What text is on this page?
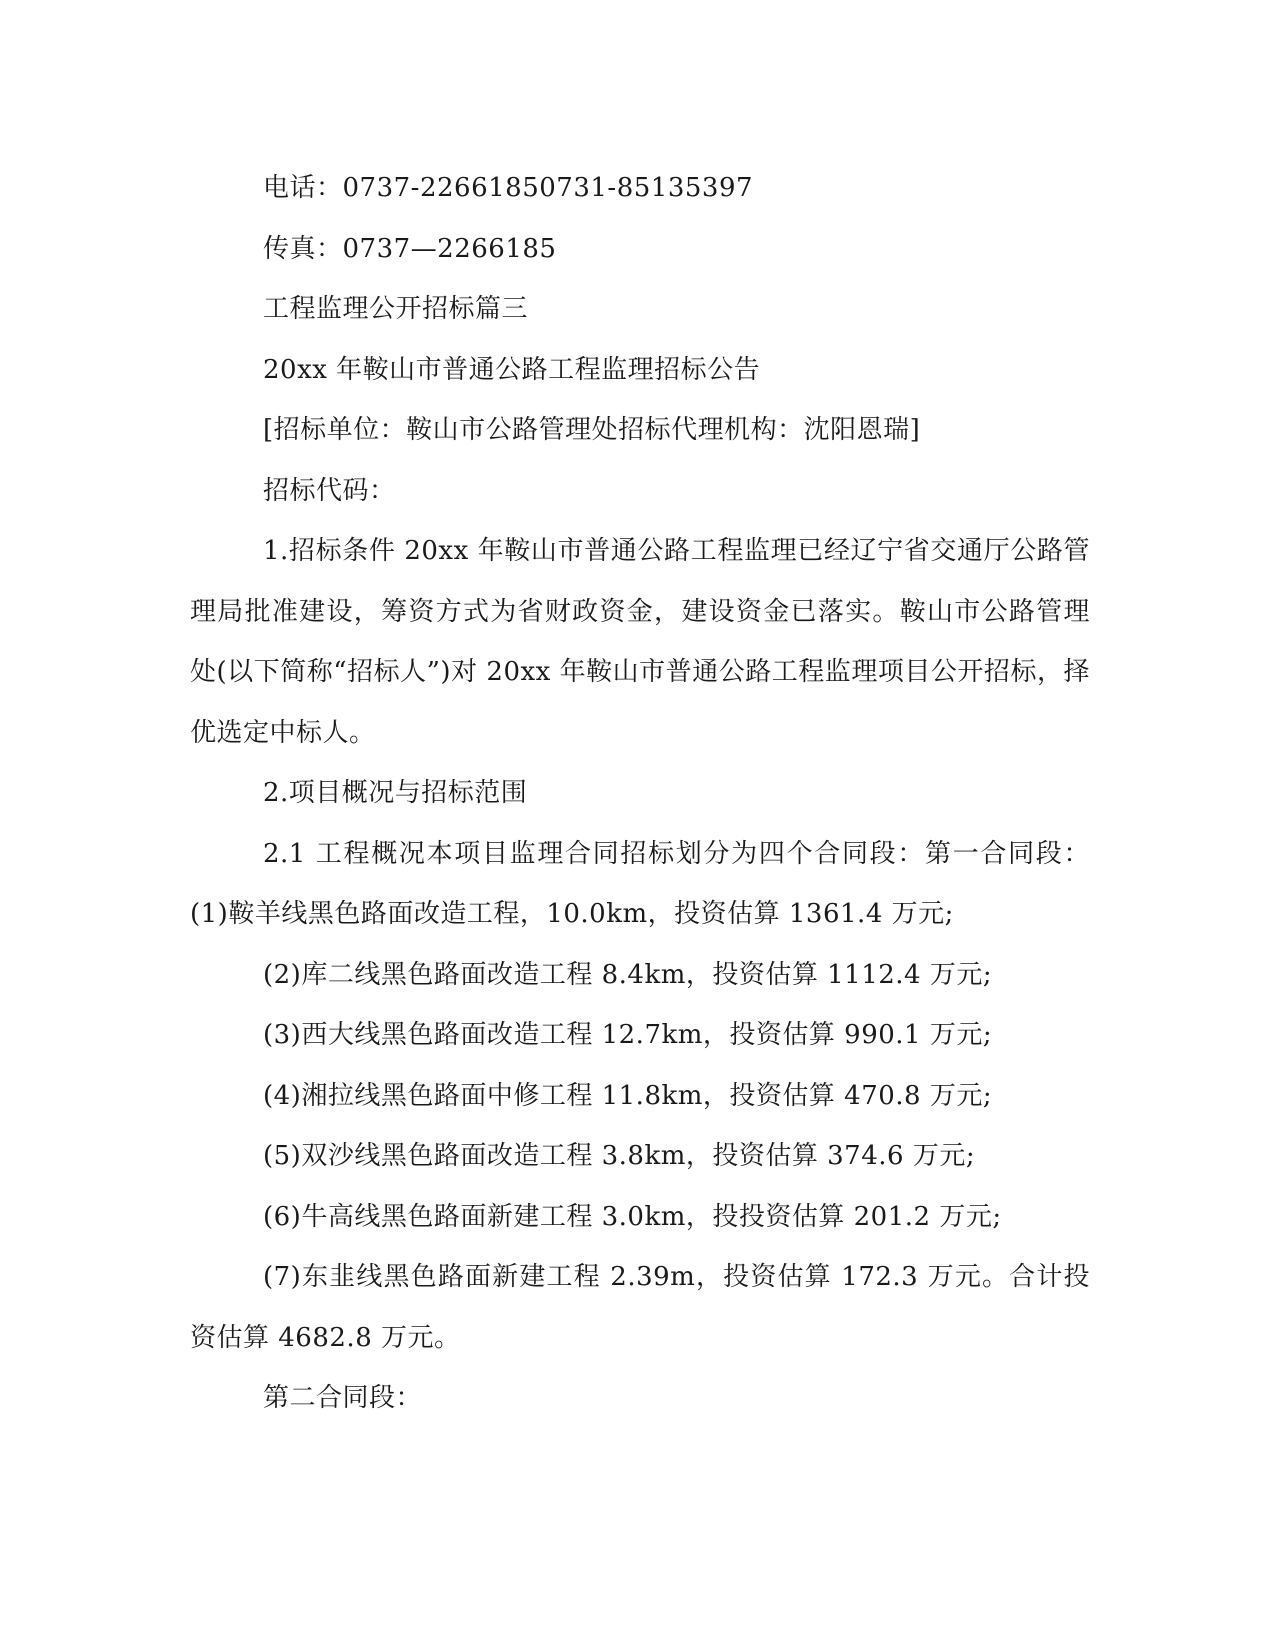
电话：0737-22661850731-85135397

传真：0737—2266185

工程监理公开招标篇三

20xx 年鞍山市普通公路工程监理招标公告

[招标单位：鞍山市公路管理处招标代理机构：沈阳恩瑞]

招标代码：

1.招标条件 20xx 年鞍山市普通公路工程监理已经辽宁省交通厅公路管理局批准建设，筹资方式为省财政资金，建设资金已落实。鞍山市公路管理处(以下简称“招标人”)对 20xx 年鞍山市普通公路工程监理项目公开招标，择优选定中标人。

2.项目概况与招标范围

2.1 工程概况本项目监理合同招标划分为四个合同段：第一合同段：(1)鞍羊线黑色路面改造工程，10.0km，投资估算 1361.4 万元;

(2)库二线黑色路面改造工程 8.4km，投资估算 1112.4 万元;

(3)西大线黑色路面改造工程 12.7km，投资估算 990.1 万元;

(4)湘拉线黑色路面中修工程 11.8km，投资估算 470.8 万元;

(5)双沙线黑色路面改造工程 3.8km，投资估算 374.6 万元;

(6)牛高线黑色路面新建工程 3.0km，投投资估算 201.2 万元;

(7)东韭线黑色路面新建工程 2.39m，投资估算 172.3 万元。合计投资估算 4682.8 万元。

第二合同段：
